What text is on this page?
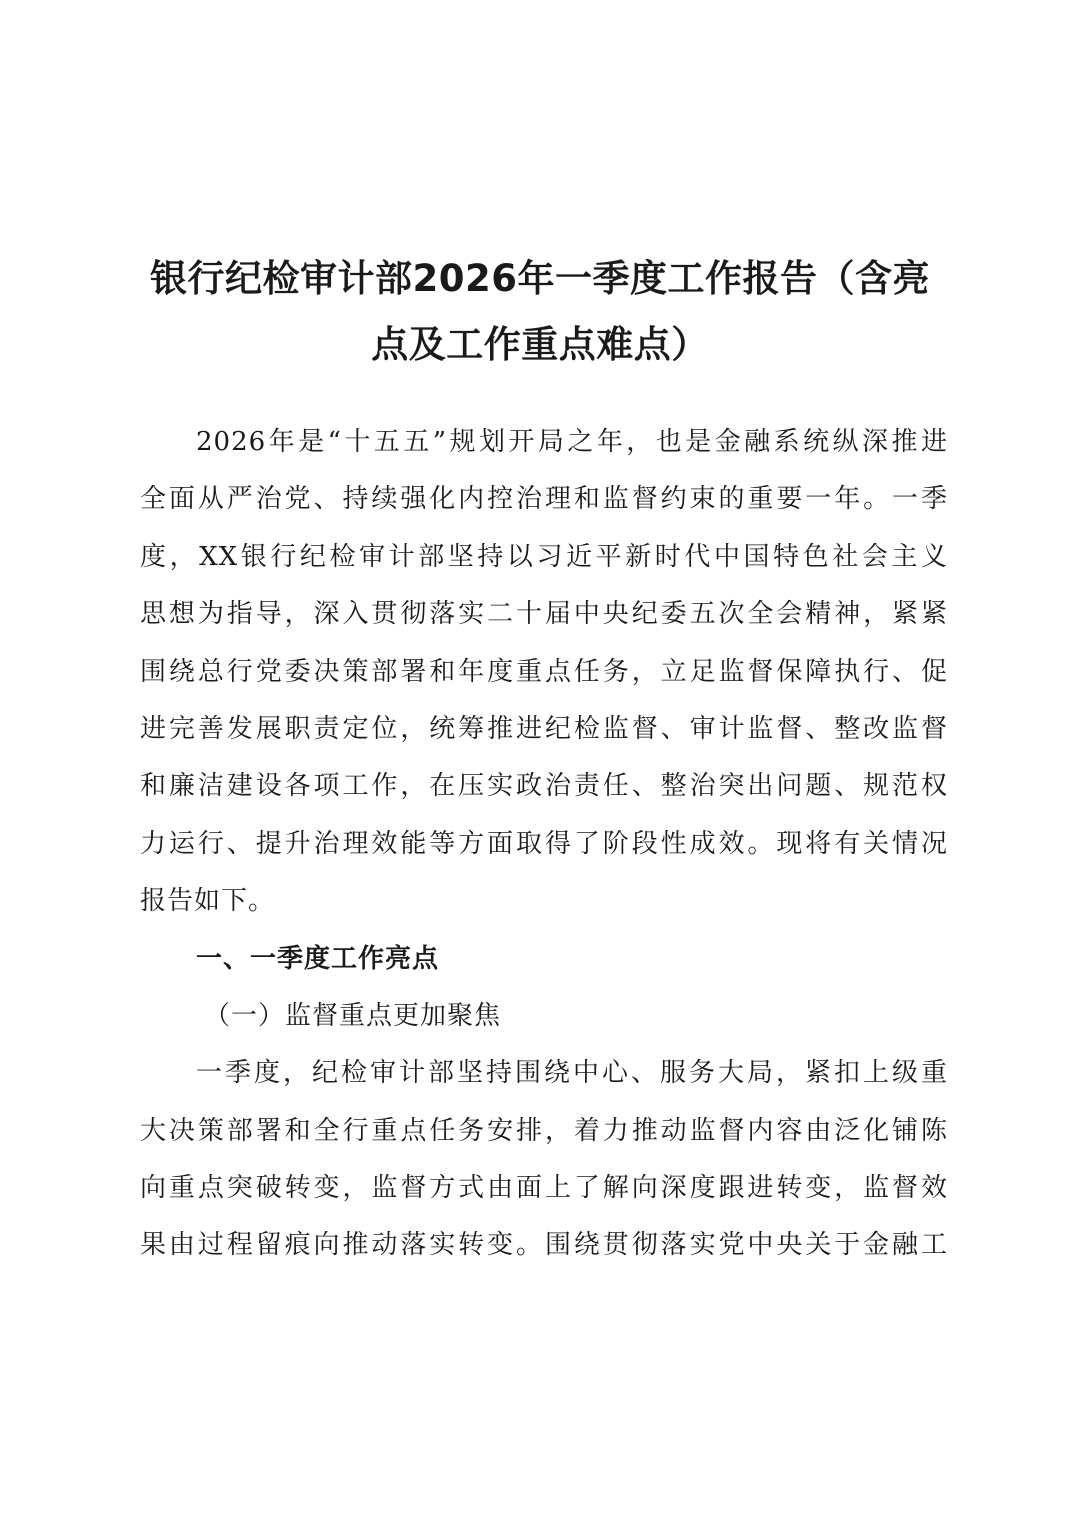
银行纪检审计部2026年一季度工作报告（含亮
点及工作重点难点）
2026年是“十五五”规划开局之年，也是金融系统纵深推进
全面从严治党、持续强化内控治理和监督约束的重要一年。一季
度，XX银行纪检审计部坚持以习近平新时代中国特色社会主义
思想为指导，深入贯彻落实二十届中央纪委五次全会精神，紧紧
围绕总行党委决策部署和年度重点任务，立足监督保障执行、促
进完善发展职责定位，统筹推进纪检监督、审计监督、整改监督
和廉洁建设各项工作，在压实政治责任、整治突出问题、规范权
力运行、提升治理效能等方面取得了阶段性成效。现将有关情况
报告如下。
一、一季度工作亮点
（一）监督重点更加聚焦
一季度，纪检审计部坚持围绕中心、服务大局，紧扣上级重
大决策部署和全行重点任务安排，着力推动监督内容由泛化铺陈
向重点突破转变，监督方式由面上了解向深度跟进转变，监督效
果由过程留痕向推动落实转变。围绕贯彻落实党中央关于金融工
